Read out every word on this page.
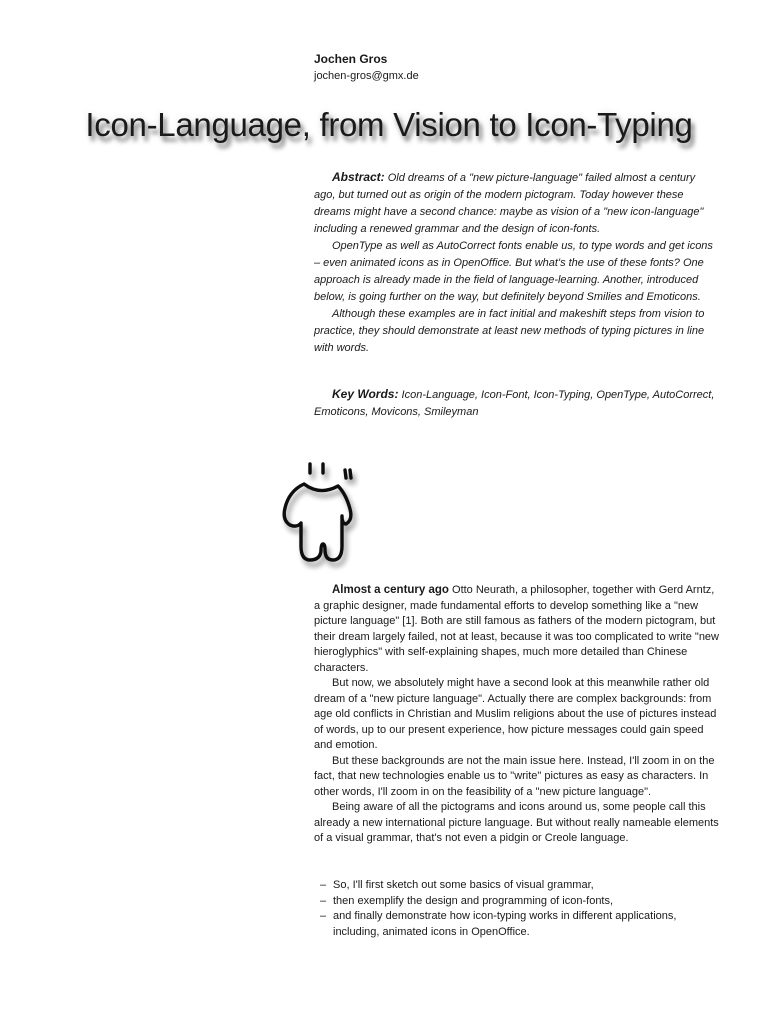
Jochen Gros
jochen-gros@gmx.de
Icon-Language, from Vision to Icon-Typing

Abstract: Old dreams of a "new picture-language" failed almost a century ago, but turned out as origin of the modern pictogram. Today however these dreams might have a second chance: maybe as vision of a "new icon-language" including a renewed grammar and the design of icon-fonts.

OpenType as well as AutoCorrect fonts enable us, to type words and get icons – even animated icons as in OpenOffice. But what's the use of these fonts? One approach is already made in the field of language-learning. Another, introduced below, is going further on the way, but definitely beyond Smilies and Emoticons.

Although these examples are in fact initial and makeshift steps from vision to practice, they should demonstrate at least new methods of typing pictures in line with words.

Key Words: Icon-Language, Icon-Font, Icon-Typing, OpenType, AutoCorrect, Emoticons, Movicons, Smileyman

Almost a century ago Otto Neurath, a philosopher, together with Gerd Arntz, a graphic designer, made fundamental efforts to develop something like a "new picture language" [1]. Both are still famous as fathers of the modern pictogram, but their dream largely failed, not at least, because it was too complicated to write "new hieroglyphics" with self-explaining shapes, much more detailed than Chinese characters.

But now, we absolutely might have a second look at this meanwhile rather old dream of a "new picture language". Actually there are complex backgrounds: from age old conflicts in Christian and Muslim religions about the use of pictures instead of words, up to our present experience, how picture messages could gain speed and emotion.

But these backgrounds are not the main issue here. Instead, I'll zoom in on the fact, that new technologies enable us to "write" pictures as easy as characters. In other words, I'll zoom in on the feasibility of a "new picture language".

Being aware of all the pictograms and icons around us, some people call this already a new international picture language. But without really nameable elements of a visual grammar, that's not even a pidgin or Creole language.

– So, I'll first sketch out some basics of visual grammar,
– then exemplify the design and programming of icon-fonts,
– and finally demonstrate how icon-typing works in different applications, including, animated icons in OpenOffice.
